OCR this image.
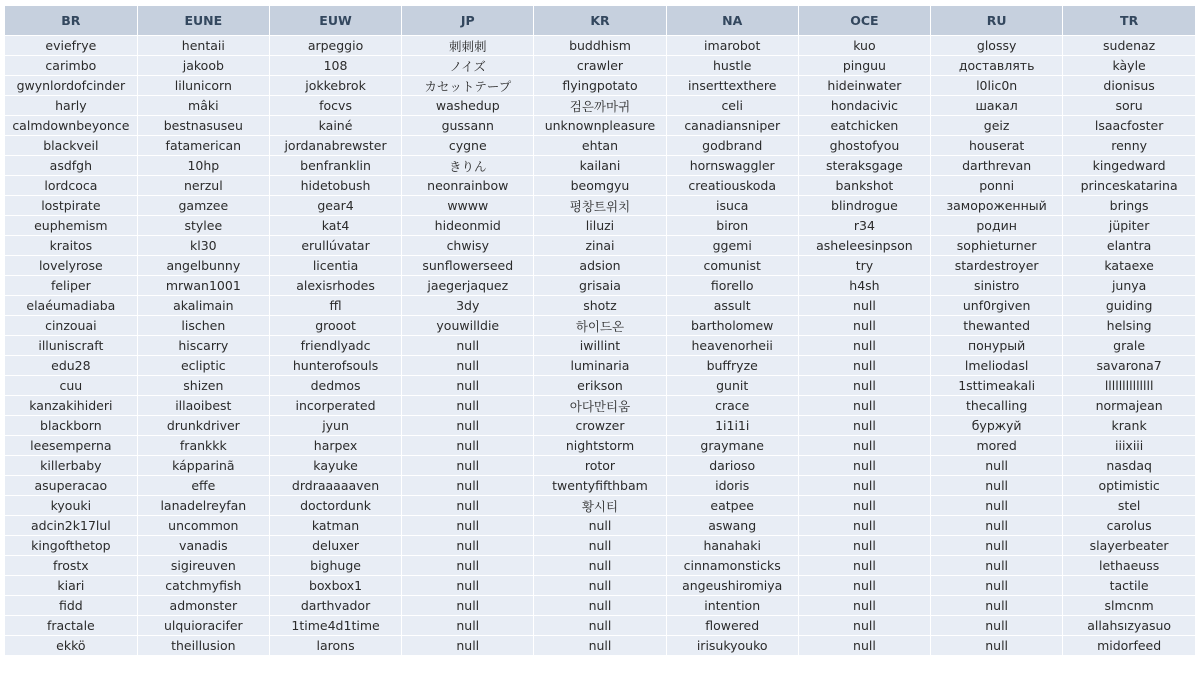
BR	EUNE	EUW	JP	KR	NA	OCE	RU	TR
eviefrye	hentaii	arpeggio	刺刺刺	buddhism	imarobot	kuo	glossy	sudenaz
carimbo	jakoob	108	ノイズ	crawler	hustle	pinguu	доставлять	kàyle
gwynlordofcinder	lilunicorn	jokkebrok	カセットテープ	flyingpotato	inserttexthere	hideinwater	l0lic0n	dionisus
harly	mâki	focvs	washedup	검은까마귀	celi	hondacivic	шакал	soru
calmdownbeyonce	bestnasuseu	kainé	gussann	unknownpleasure	canadiansniper	eatchicken	geiz	lsaacfoster
blackveil	fatamerican	jordanabrewster	cygne	ehtan	godbrand	ghostofyou	houserat	renny
asdfgh	10hp	benfranklin	きりん	kailani	hornswaggler	steraksgage	darthrevan	kingedward
lordcoca	nerzul	hidetobush	neonrainbow	beomgyu	creatiouskoda	bankshot	ponni	princeskatarina
lostpirate	gamzee	gear4	wwww	평창트위치	isuca	blindrogue	замороженный	brings
euphemism	stylee	kat4	hideonmid	liluzi	biron	r34	родин	jüpiter
kraitos	kl30	erullúvatar	chwisy	zinai	ggemi	asheleesinpson	sophieturner	elantra
lovelyrose	angelbunny	licentia	sunflowerseed	adsion	comunist	try	stardestroyer	kataexe
feliper	mrwan1001	alexisrhodes	jaegerjaquez	grisaia	fiorello	h4sh	sinistro	junya
elaéumadiaba	akalimain	ffl	3dy	shotz	assult	null	unf0rgiven	guiding
cinzouai	lischen	grooot	youwilldie	하이드온	bartholomew	null	thewanted	helsing
illuniscraft	hiscarry	friendlyadc	null	iwillint	heavenorheii	null	понурый	grale
edu28	ecliptic	hunterofsouls	null	luminaria	buffryze	null	lmeliodasl	savarona7
cuu	shizen	dedmos	null	erikson	gunit	null	1sttimeakali	llllllllllllll
kanzakihideri	illaoibest	incorperated	null	아다만티움	crace	null	thecalling	normajean
blackborn	drunkdriver	jyun	null	crowzer	1i1i1i	null	буржуй	krank
leesemperna	frankkk	harpex	null	nightstorm	graymane	null	mored	iiixiii
killerbaby	kápparinã	kayuke	null	rotor	darioso	null	null	nasdaq
asuperacao	effe	drdraaaaaven	null	twentyfifthbam	idoris	null	null	optimistic
kyouki	lanadelreyfan	doctordunk	null	황시티	eatpee	null	null	stel
adcin2k17lul	uncommon	katman	null	null	aswang	null	null	carolus
kingofthetop	vanadis	deluxer	null	null	hanahaki	null	null	slayerbeater
frostx	sigireuven	bighuge	null	null	cinnamonsticks	null	null	lethaeuss
kiari	catchmyfish	boxbox1	null	null	angeushiromiya	null	null	tactile
fidd	admonster	darthvador	null	null	intention	null	null	slmcnm
fractale	ulquioracifer	1time4d1time	null	null	flowered	null	null	allahsızyasuo
ekkö	theillusion	larons	null	null	irisukyouko	null	null	midorfeed
